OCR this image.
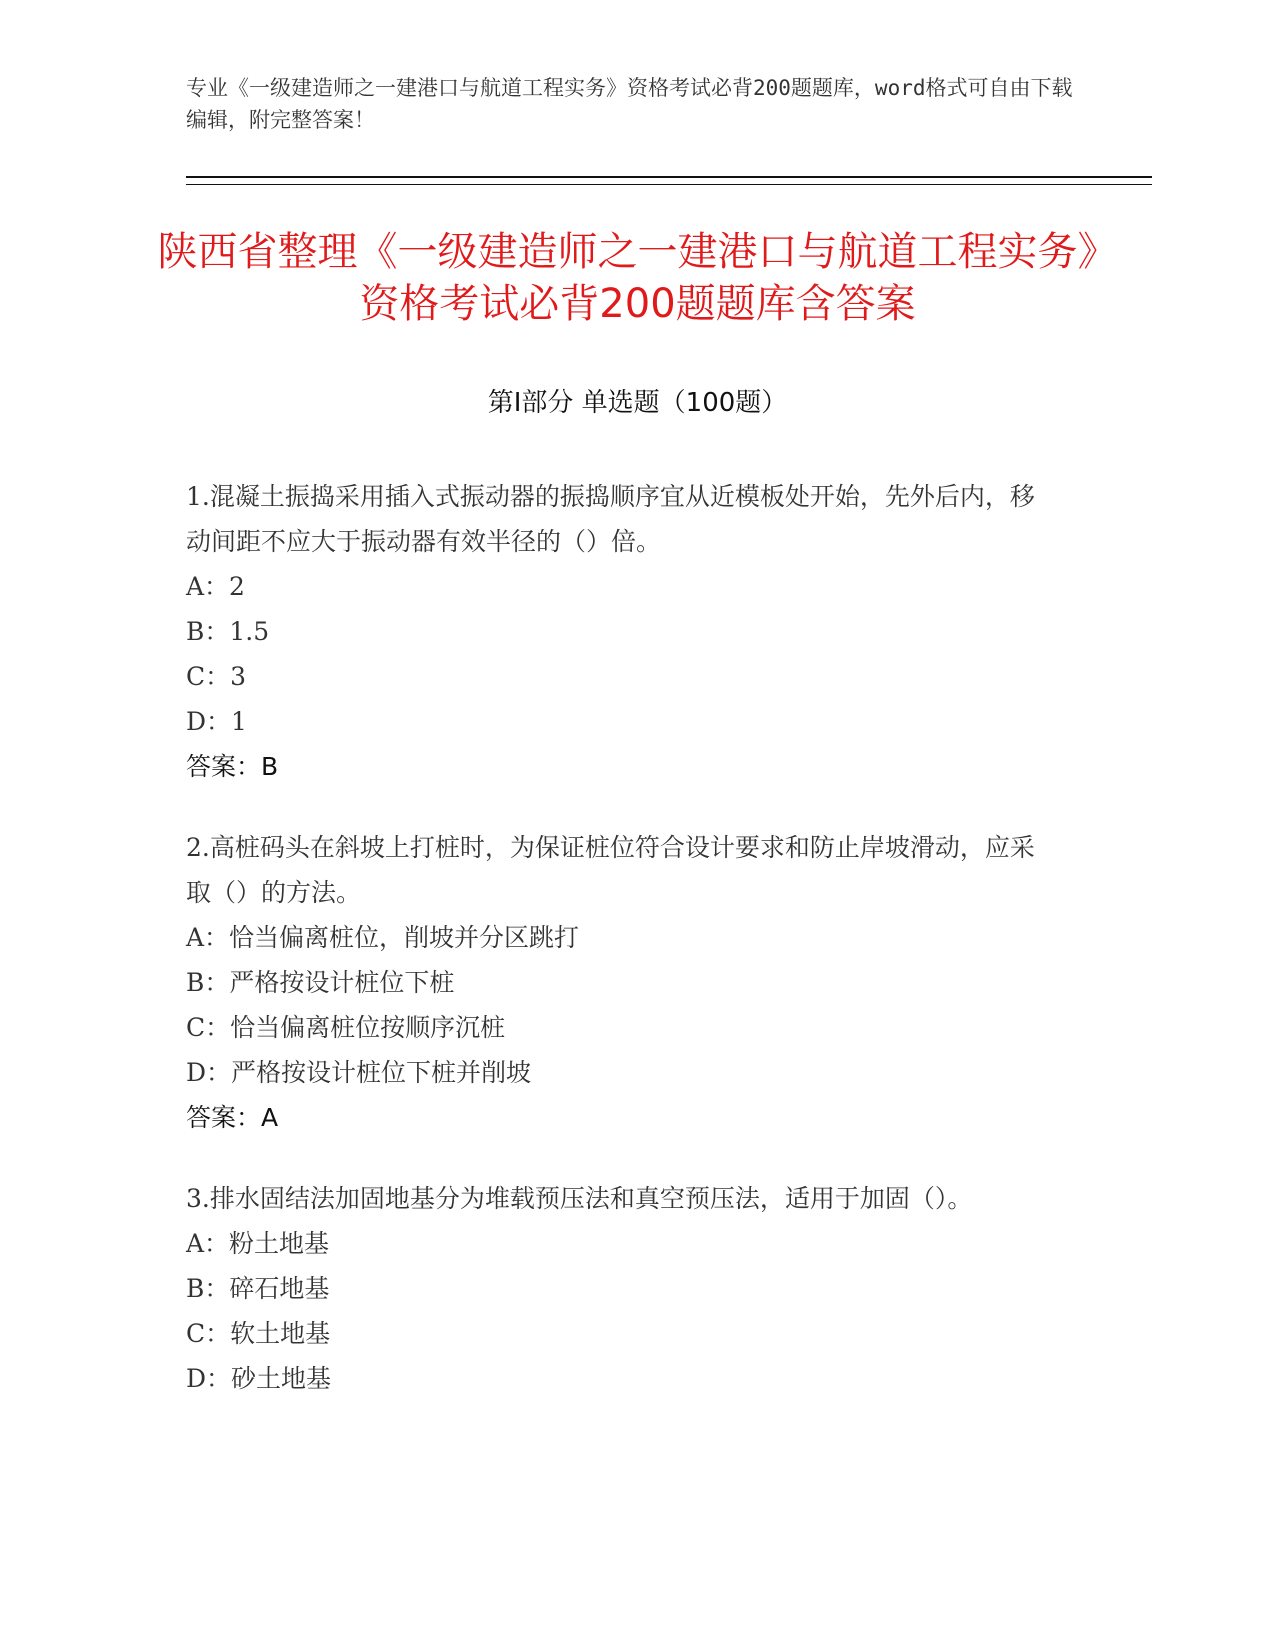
专业《一级建造师之一建港口与航道工程实务》资格考试必背200题题库，word格式可自由下载编辑，附完整答案！
陕西省整理《一级建造师之一建港口与航道工程实务》资格考试必背200题题库含答案
第Ⅰ部分 单选题（100题）
1.混凝土振捣采用插入式振动器的振捣顺序宜从近模板处开始，先外后内，移动间距不应大于振动器有效半径的（）倍。
A：2
B：1.5
C：3
D：1
答案：B
2.高桩码头在斜坡上打桩时，为保证桩位符合设计要求和防止岸坡滑动，应采取（）的方法。
A：恰当偏离桩位，削坡并分区跳打
B：严格按设计桩位下桩
C：恰当偏离桩位按顺序沉桩
D：严格按设计桩位下桩并削坡
答案：A
3.排水固结法加固地基分为堆载预压法和真空预压法，适用于加固（）。
A：粉土地基
B：碎石地基
C：软土地基
D：砂土地基
